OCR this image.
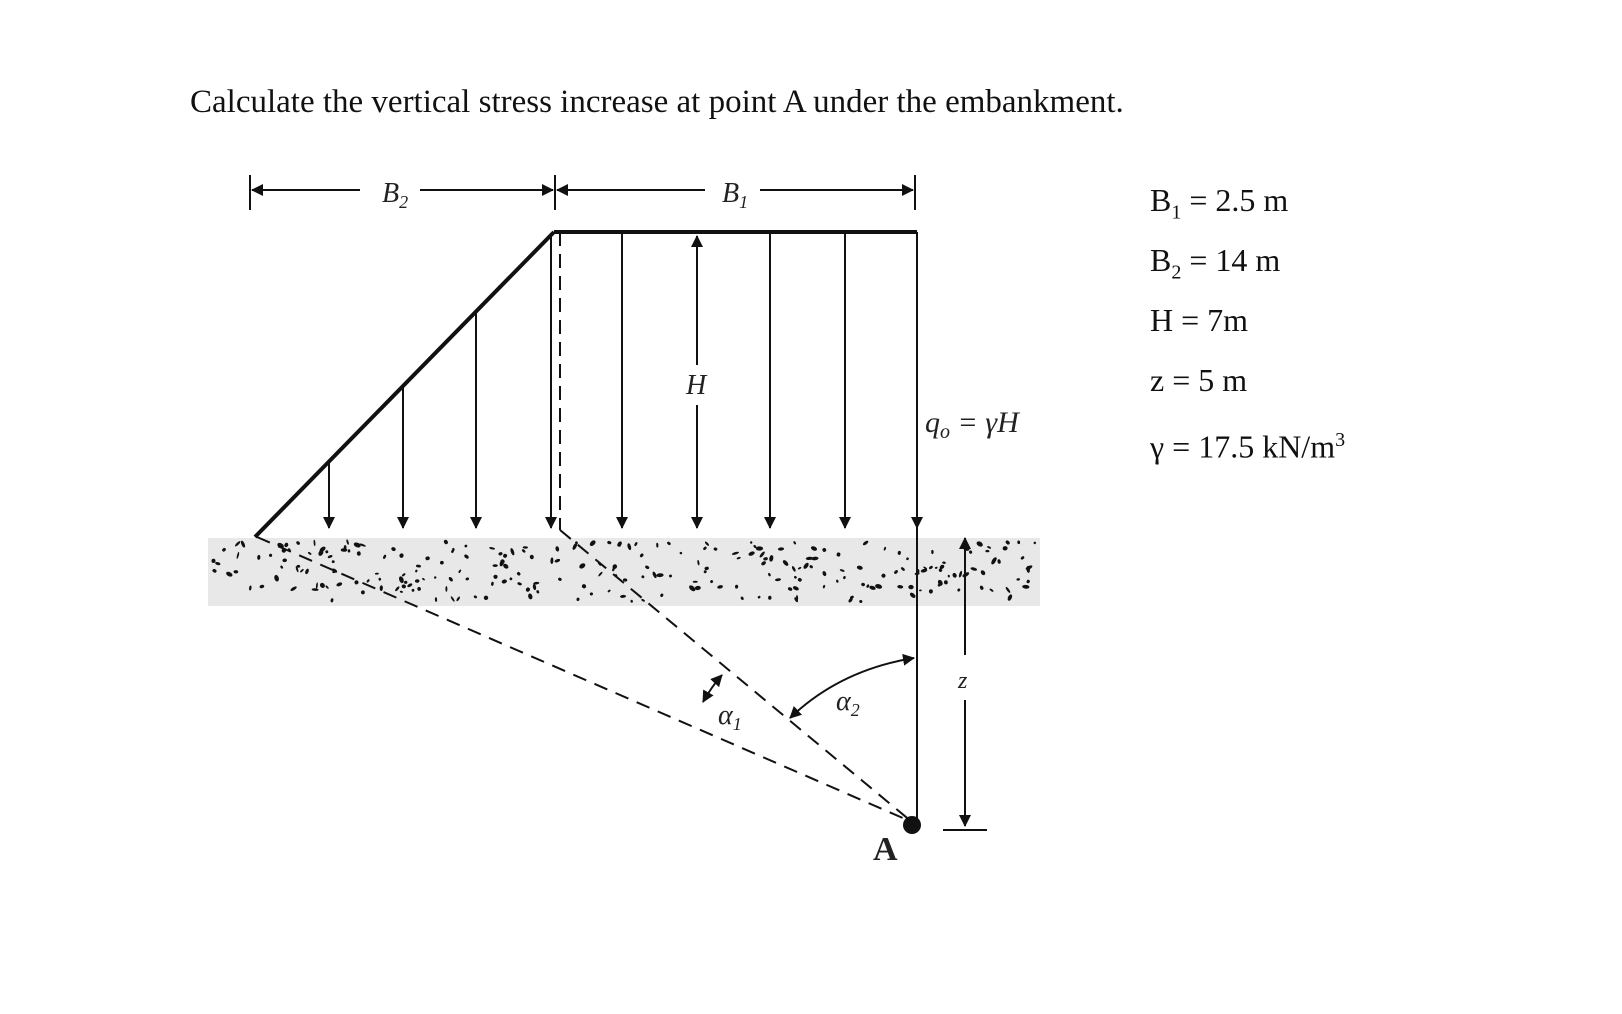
Calculate the vertical stress increase at point A under the embankment.
$B_1 = 2.5$ m
$B_2 = 14$ m
H = 7m
z = 5 m
γ = 17.5 $kN/m^3$
$B_2$	$B_1$
H
$q_o = \gamma H$
$\alpha_1$
$\alpha_2$
z
A
